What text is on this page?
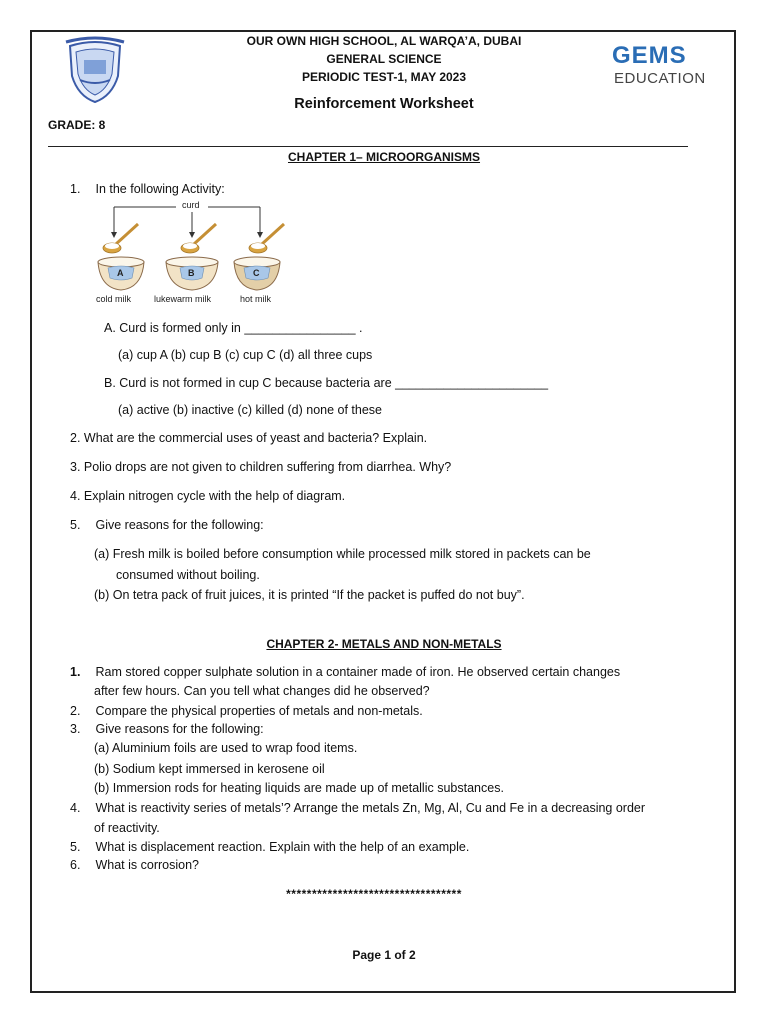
GEMS
EDUCATION
OUR OWN HIGH SCHOOL, AL WARQA’A, DUBAI
GENERAL SCIENCE
PERIODIC TEST-1, MAY 2023
Reinforcement Worksheet
GRADE: 8
CHAPTER 1– MICROORGANISMS
1. In the following Activity:
curd
A	B	C
cold milk	lukewarm milk	hot milk
A. Curd is formed only in ________________ .
(a) cup A (b) cup B (c) cup C (d) all three cups
B. Curd is not formed in cup C because bacteria are ______________________
(a) active (b) inactive (c) killed (d) none of these
2. What are the commercial uses of yeast and bacteria? Explain.
3. Polio drops are not given to children suffering from diarrhea. Why?
4. Explain nitrogen cycle with the help of diagram.
5. Give reasons for the following:
(a) Fresh milk is boiled before consumption while processed milk stored in packets can be
consumed without boiling.
(b) On tetra pack of fruit juices, it is printed “If the packet is puffed do not buy”.
CHAPTER 2- METALS AND NON-METALS
1. Ram stored copper sulphate solution in a container made of iron. He observed certain changes
after few hours. Can you tell what changes did he observed?
2. Compare the physical properties of metals and non-metals.
3. Give reasons for the following:
(a) Aluminium foils are used to wrap food items.
(b) Sodium kept immersed in kerosene oil
(b) Immersion rods for heating liquids are made up of metallic substances.
4. What is reactivity series of metals’? Arrange the metals Zn, Mg, Al, Cu and Fe in a decreasing order
of reactivity.
5. What is displacement reaction. Explain with the help of an example.
6. What is corrosion?
**********************************
Page 1 of 2
